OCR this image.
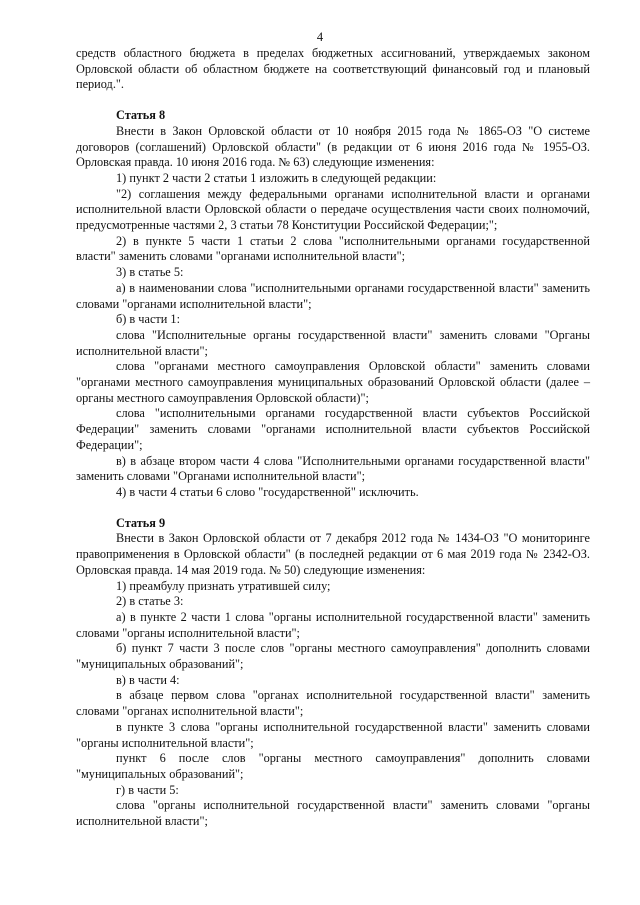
4

средств областного бюджета в пределах бюджетных ассигнований, утверждаемых законом Орловской области об областном бюджете на соответствующий финансовый год и плановый период.".

Статья 8

Внести в Закон Орловской области от 10 ноября 2015 года № 1865-ОЗ "О системе договоров (соглашений) Орловской области" (в редакции от 6 июня 2016 года № 1955-ОЗ. Орловская правда. 10 июня 2016 года. № 63) следующие изменения:

1) пункт 2 части 2 статьи 1 изложить в следующей редакции:

"2) соглашения между федеральными органами исполнительной власти и органами исполнительной власти Орловской области о передаче осуществления части своих полномочий, предусмотренные частями 2, 3 статьи 78 Конституции Российской Федерации;";

2) в пункте 5 части 1 статьи 2 слова "исполнительными органами государственной власти" заменить словами "органами исполнительной власти";

3) в статье 5:

а) в наименовании слова "исполнительными органами государственной власти" заменить словами "органами исполнительной власти";

б) в части 1:

слова "Исполнительные органы государственной власти" заменить словами "Органы исполнительной власти";

слова "органами местного самоуправления Орловской области" заменить словами "органами местного самоуправления муниципальных образований Орловской области (далее – органы местного самоуправления Орловской области)";

слова "исполнительными органами государственной власти субъектов Российской Федерации" заменить словами "органами исполнительной власти субъектов Российской Федерации";

в) в абзаце втором части 4 слова "Исполнительными органами государственной власти" заменить словами "Органами исполнительной власти";

4) в части 4 статьи 6 слово "государственной" исключить.

Статья 9

Внести в Закон Орловской области от 7 декабря 2012 года № 1434-ОЗ "О мониторинге правоприменения в Орловской области" (в последней редакции от 6 мая 2019 года № 2342-ОЗ. Орловская правда. 14 мая 2019 года. № 50) следующие изменения:

1) преамбулу признать утратившей силу;

2) в статье 3:

а) в пункте 2 части 1 слова "органы исполнительной государственной власти" заменить словами "органы исполнительной власти";

б) пункт 7 части 3 после слов "органы местного самоуправления" дополнить словами "муниципальных образований";

в) в части 4:

в абзаце первом слова "органах исполнительной государственной власти" заменить словами "органах исполнительной власти";

в пункте 3 слова "органы исполнительной государственной власти" заменить словами "органы исполнительной власти";

пункт 6 после слов "органы местного самоуправления" дополнить словами "муниципальных образований";

г) в части 5:

слова "органы исполнительной государственной власти" заменить словами "органы исполнительной власти";
